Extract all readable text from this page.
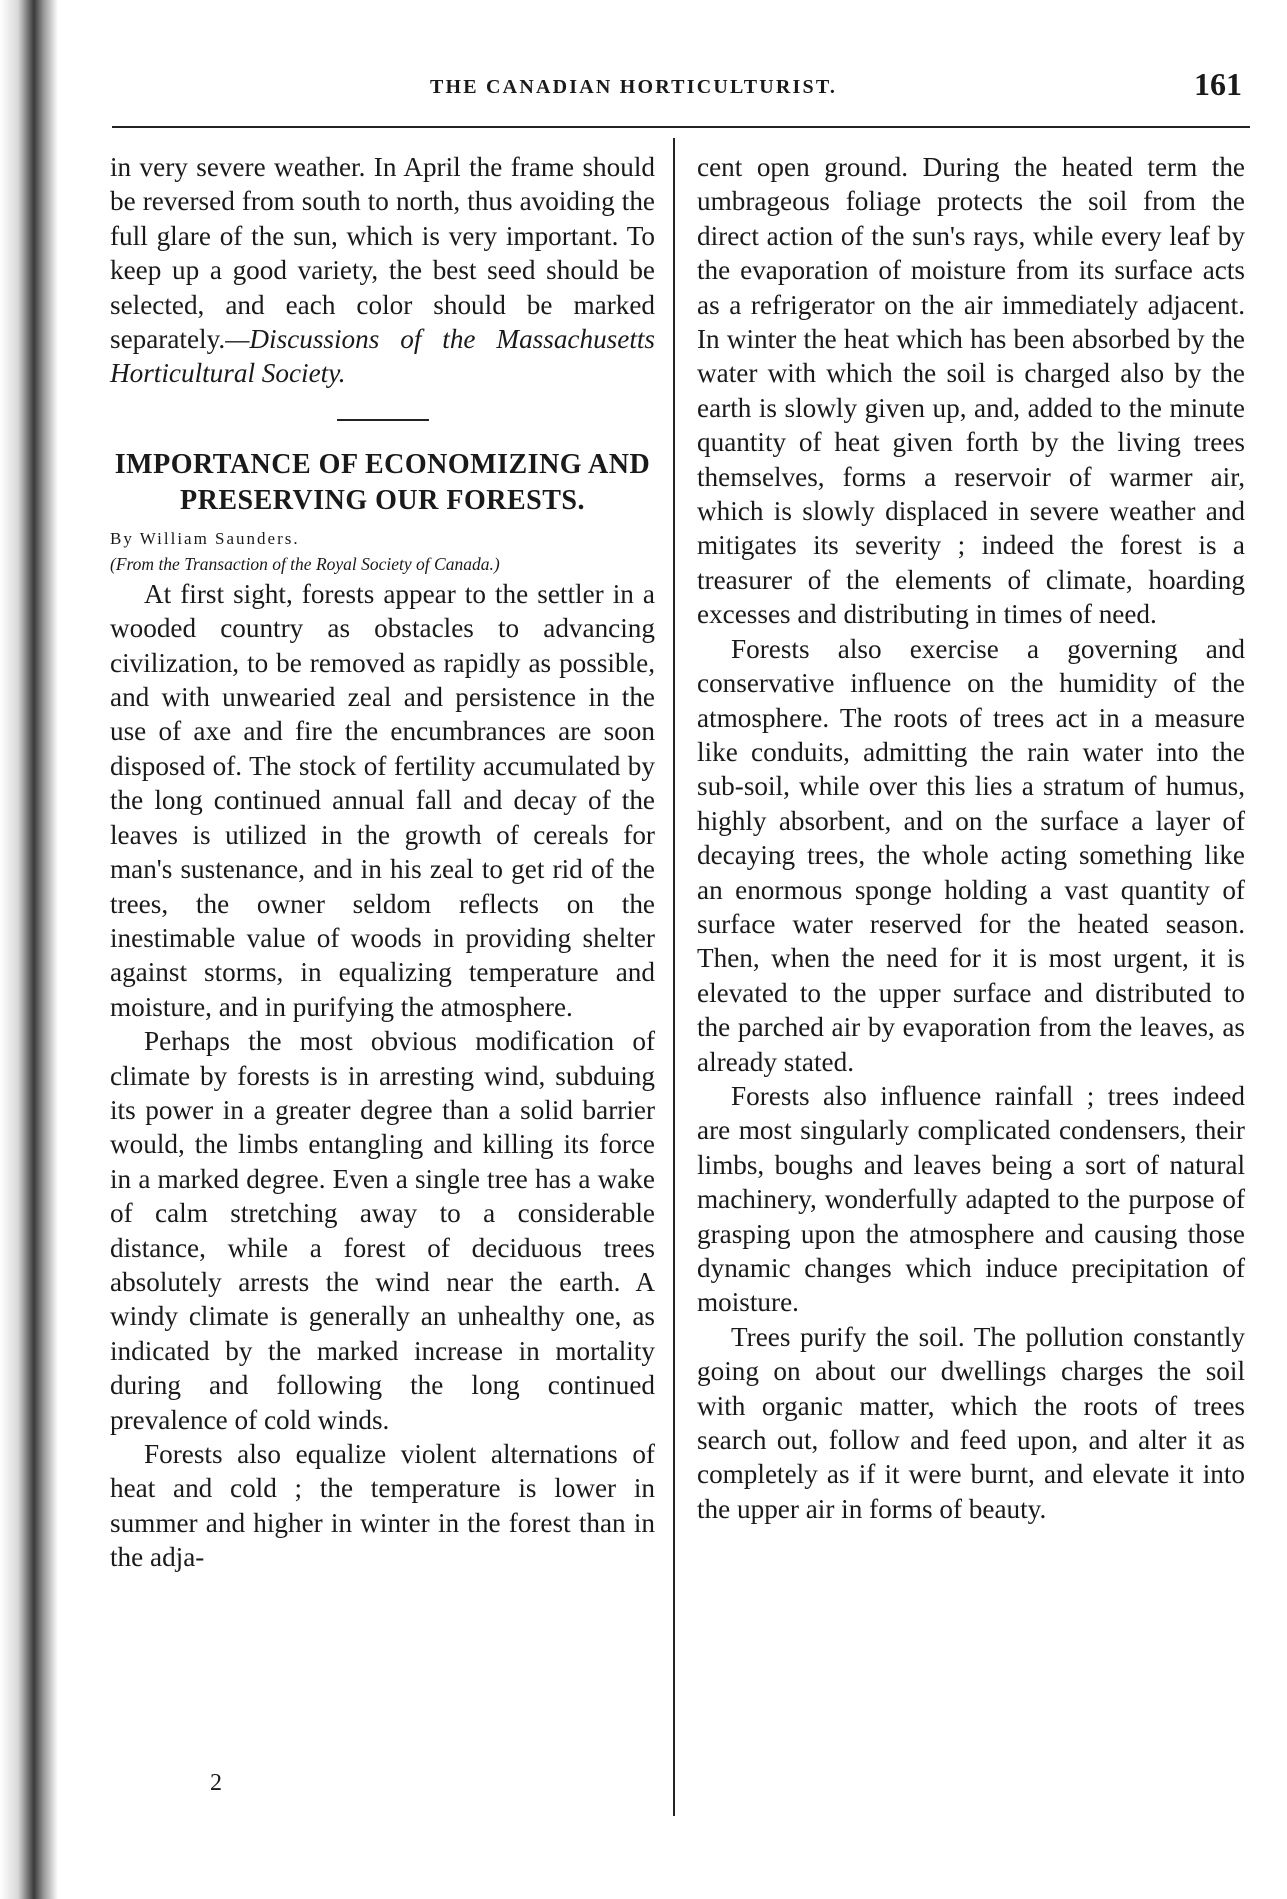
THE CANADIAN HORTICULTURIST.	161

in very severe weather. In April the frame should be reversed from south to north, thus avoiding the full glare of the sun, which is very important. To keep up a good variety, the best seed should be selected, and each color should be marked separately.—Discussions of the Massachusetts Horticultural Society.

IMPORTANCE OF ECONOMIZING AND PRESERVING OUR FORESTS.

By William Saunders.

(From the Transaction of the Royal Society of Canada.)

At first sight, forests appear to the settler in a wooded country as obstacles to advancing civilization, to be removed as rapidly as possible, and with unwearied zeal and persistence in the use of axe and fire the encumbrances are soon disposed of. The stock of fertility accumulated by the long continued annual fall and decay of the leaves is utilized in the growth of cereals for man's sustenance, and in his zeal to get rid of the trees, the owner seldom reflects on the inestimable value of woods in providing shelter against storms, in equalizing temperature and moisture, and in purifying the atmosphere.

Perhaps the most obvious modification of climate by forests is in arresting wind, subduing its power in a greater degree than a solid barrier would, the limbs entangling and killing its force in a marked degree. Even a single tree has a wake of calm stretching away to a considerable distance, while a forest of deciduous trees absolutely arrests the wind near the earth. A windy climate is generally an unhealthy one, as indicated by the marked increase in mortality during and following the long continued prevalence of cold winds.

Forests also equalize violent alternations of heat and cold ; the temperature is lower in summer and higher in winter in the forest than in the adja-

2

cent open ground. During the heated term the umbrageous foliage protects the soil from the direct action of the sun's rays, while every leaf by the evaporation of moisture from its surface acts as a refrigerator on the air immediately adjacent. In winter the heat which has been absorbed by the water with which the soil is charged also by the earth is slowly given up, and, added to the minute quantity of heat given forth by the living trees themselves, forms a reservoir of warmer air, which is slowly displaced in severe weather and mitigates its severity ; indeed the forest is a treasurer of the elements of climate, hoarding excesses and distributing in times of need.

Forests also exercise a governing and conservative influence on the humidity of the atmosphere. The roots of trees act in a measure like conduits, admitting the rain water into the sub-soil, while over this lies a stratum of humus, highly absorbent, and on the surface a layer of decaying trees, the whole acting something like an enormous sponge holding a vast quantity of surface water reserved for the heated season. Then, when the need for it is most urgent, it is elevated to the upper surface and distributed to the parched air by evaporation from the leaves, as already stated.

Forests also influence rainfall ; trees indeed are most singularly complicated condensers, their limbs, boughs and leaves being a sort of natural machinery, wonderfully adapted to the purpose of grasping upon the atmosphere and causing those dynamic changes which induce precipitation of moisture.

Trees purify the soil. The pollution constantly going on about our dwellings charges the soil with organic matter, which the roots of trees search out, follow and feed upon, and alter it as completely as if it were burnt, and elevate it into the upper air in forms of beauty.
